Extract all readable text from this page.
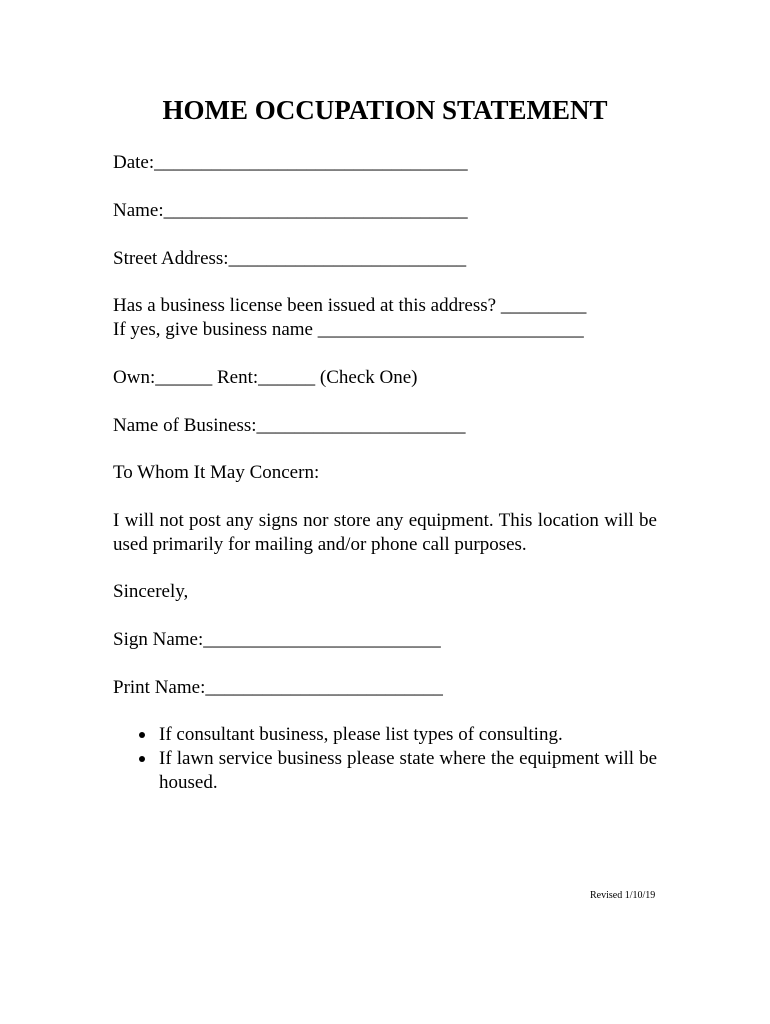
HOME OCCUPATION STATEMENT
Date:_________________________________
Name:________________________________
Street Address:_________________________
Has a business license been issued at this address? _________
If yes, give business name ____________________________
Own:______ Rent:______ (Check One)
Name of Business:______________________
To Whom It May Concern:
I will not post any signs nor store any equipment. This location will be used primarily for mailing and/or phone call purposes.
Sincerely,
Sign Name:_________________________
Print Name:_________________________
If consultant business, please list types of consulting.
If lawn service business please state where the equipment will be housed.
Revised 1/10/19
